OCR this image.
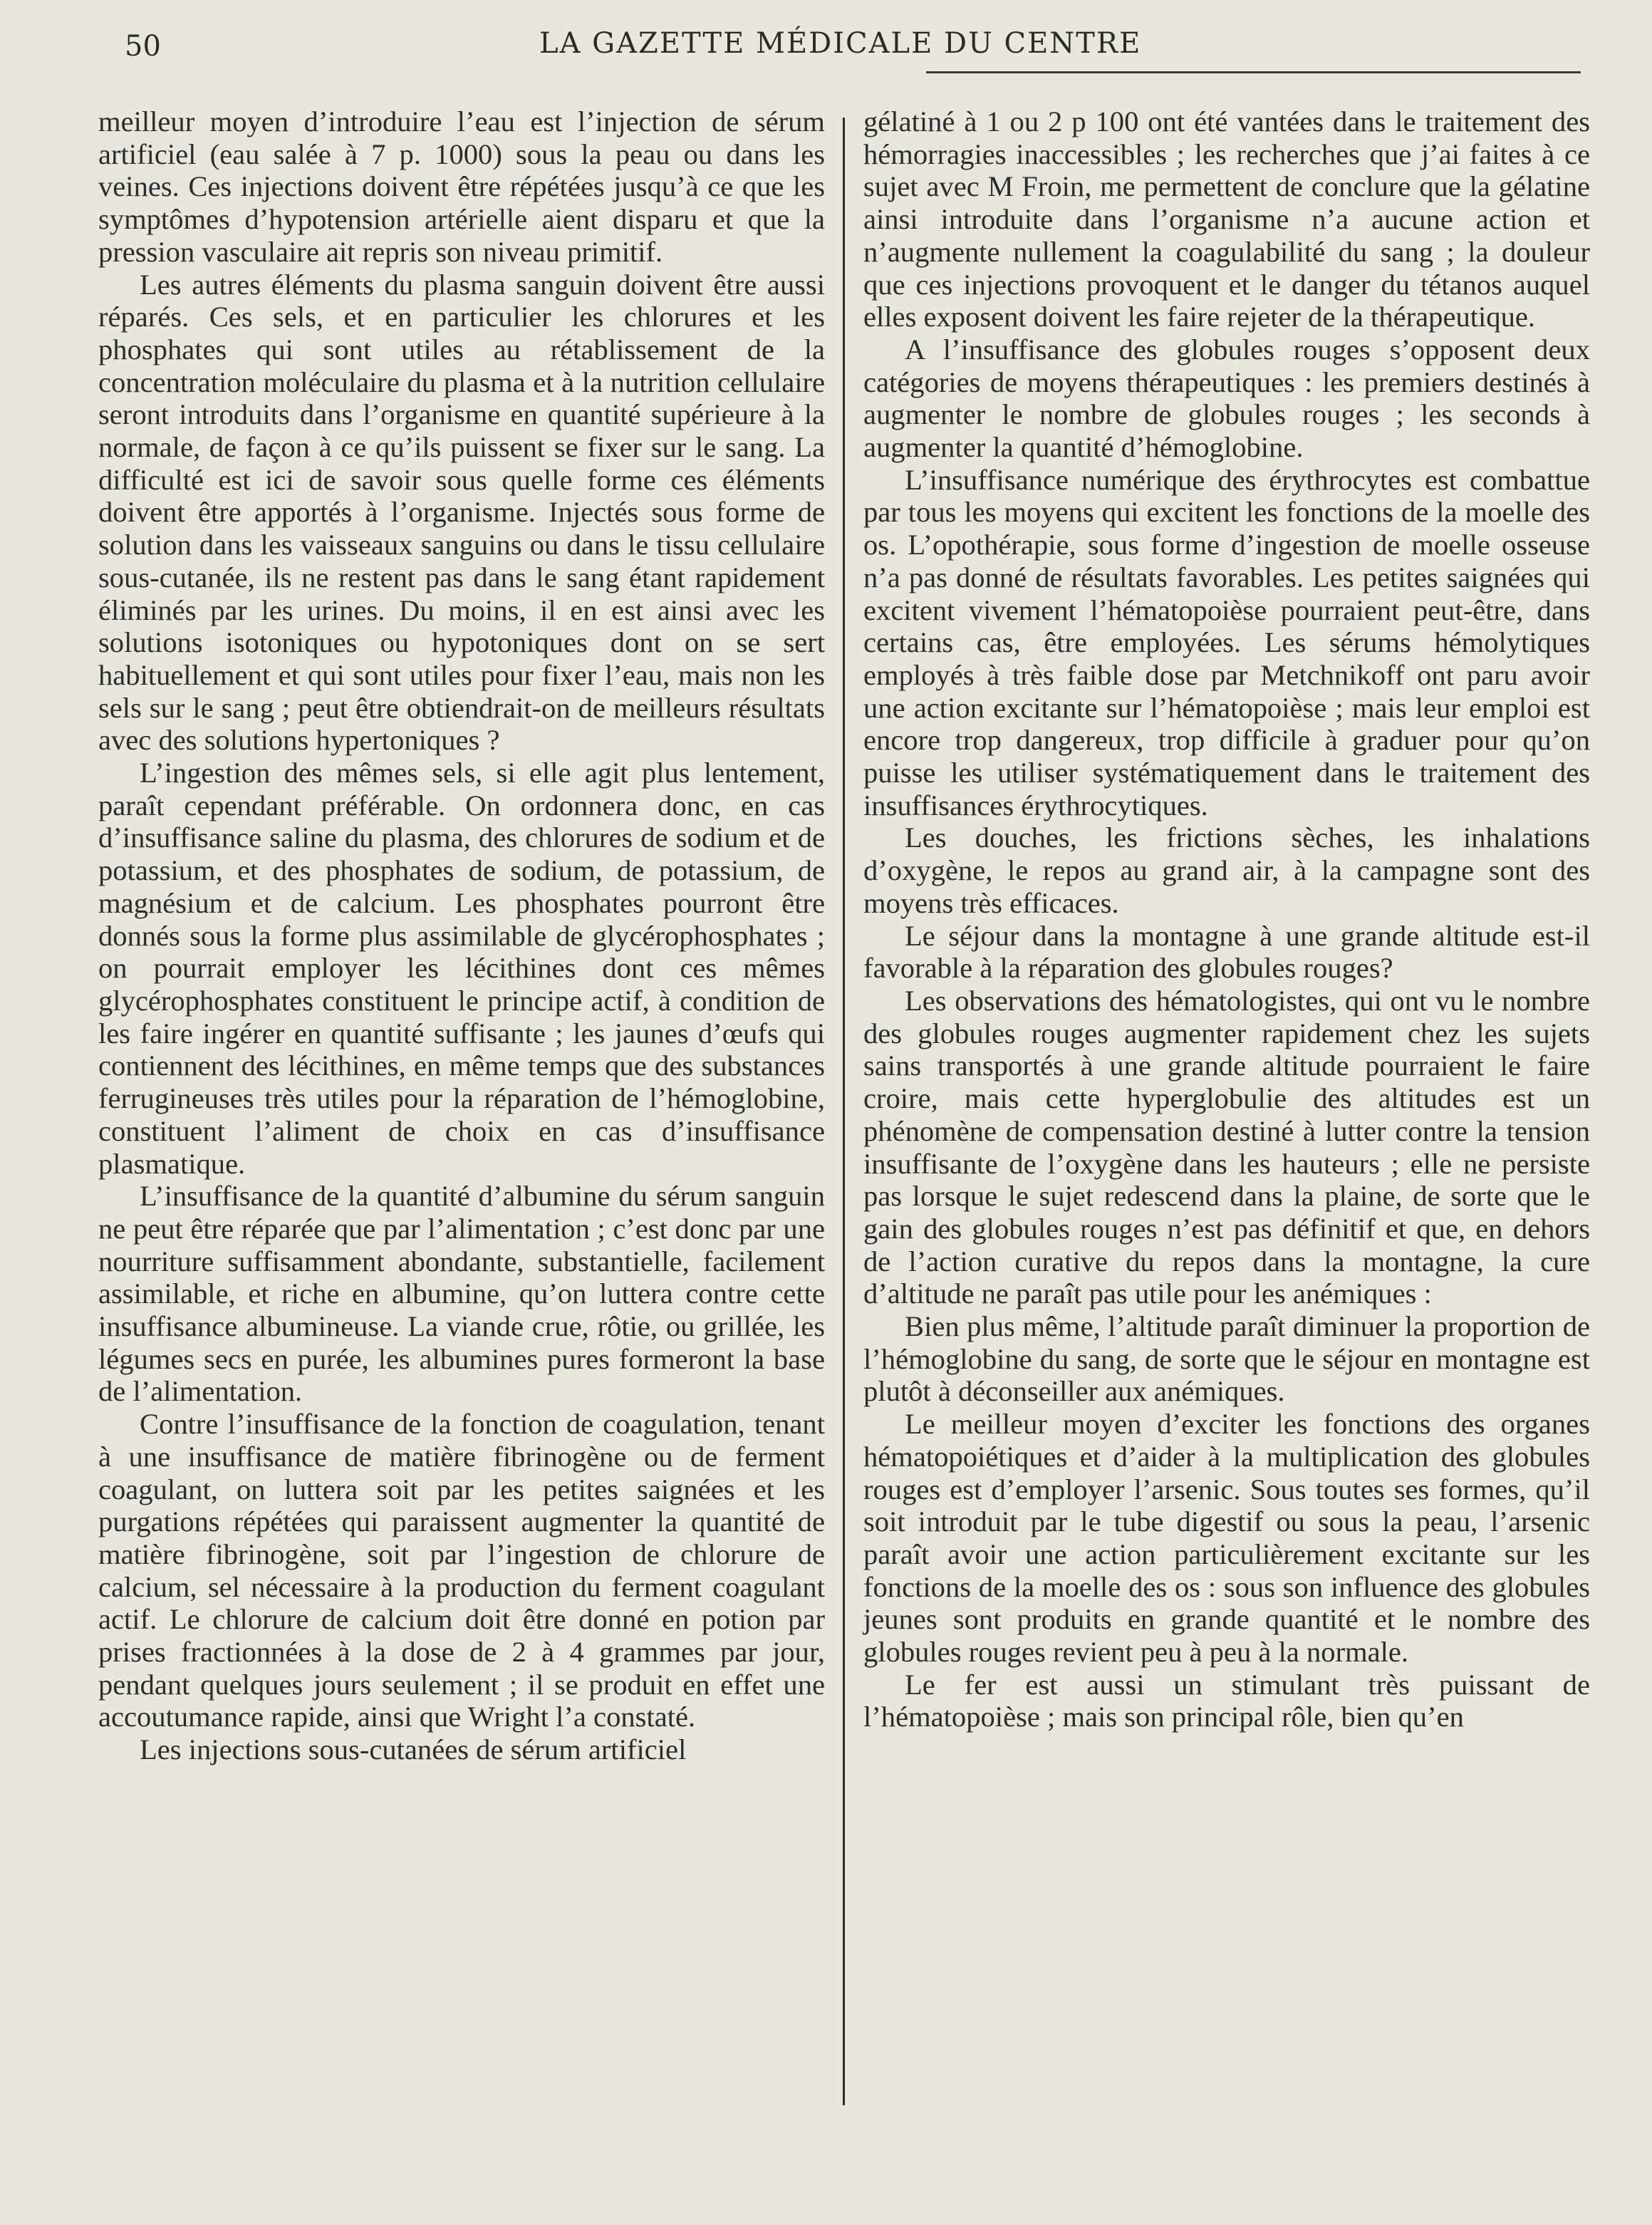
50	LA GAZETTE MÉDICALE DU CENTRE

meilleur moyen d’introduire l’eau est l’injection de sérum artificiel (eau salée à 7 p. 1000) sous la peau ou dans les veines. Ces injections doivent être répétées jusqu’à ce que les symptômes d’hypotension artérielle aient disparu et que la pression vasculaire ait repris son niveau primitif.

Les autres éléments du plasma sanguin doivent être aussi réparés. Ces sels, et en particulier les chlorures et les phosphates qui sont utiles au rétablissement de la concentration moléculaire du plasma et à la nutrition cellulaire seront introduits dans l’organisme en quantité supérieure à la normale, de façon à ce qu’ils puissent se fixer sur le sang. La difficulté est ici de savoir sous quelle forme ces éléments doivent être apportés à l’organisme. Injectés sous forme de solution dans les vaisseaux sanguins ou dans le tissu cellulaire sous-cutanée, ils ne restent pas dans le sang étant rapidement éliminés par les urines. Du moins, il en est ainsi avec les solutions isotoniques ou hypotoniques dont on se sert habituellement et qui sont utiles pour fixer l’eau, mais non les sels sur le sang ; peut être obtiendrait-on de meilleurs résultats avec des solutions hypertoniques ?

L’ingestion des mêmes sels, si elle agit plus lentement, paraît cependant préférable. On ordonnera donc, en cas d’insuffisance saline du plasma, des chlorures de sodium et de potassium, et des phosphates de sodium, de potassium, de magnésium et de calcium. Les phosphates pourront être donnés sous la forme plus assimilable de glycérophosphates ; on pourrait employer les lécithines dont ces mêmes glycérophosphates constituent le principe actif, à condition de les faire ingérer en quantité suffisante ; les jaunes d’œufs qui contiennent des lécithines, en même temps que des substances ferrugineuses très utiles pour la réparation de l’hémoglobine, constituent l’aliment de choix en cas d’insuffisance plasmatique.

L’insuffisance de la quantité d’albumine du sérum sanguin ne peut être réparée que par l’alimentation ; c’est donc par une nourriture suffisamment abondante, substantielle, facilement assimilable, et riche en albumine, qu’on luttera contre cette insuffisance albumineuse. La viande crue, rôtie, ou grillée, les légumes secs en purée, les albumines pures formeront la base de l’alimentation.

Contre l’insuffisance de la fonction de coagulation, tenant à une insuffisance de matière fibrinogène ou de ferment coagulant, on luttera soit par les petites saignées et les purgations répétées qui paraissent augmenter la quantité de matière fibrinogène, soit par l’ingestion de chlorure de calcium, sel nécessaire à la production du ferment coagulant actif. Le chlorure de calcium doit être donné en potion par prises fractionnées à la dose de 2 à 4 grammes par jour, pendant quelques jours seulement ; il se produit en effet une accoutumance rapide, ainsi que Wright l’a constaté.

Les injections sous-cutanées de sérum artificiel

gélatiné à 1 ou 2 p 100 ont été vantées dans le traitement des hémorragies inaccessibles ; les recherches que j’ai faites à ce sujet avec M Froin, me permettent de conclure que la gélatine ainsi introduite dans l’organisme n’a aucune action et n’augmente nullement la coagulabilité du sang ; la douleur que ces injections provoquent et le danger du tétanos auquel elles exposent doivent les faire rejeter de la thérapeutique.

A l’insuffisance des globules rouges s’opposent deux catégories de moyens thérapeutiques : les premiers destinés à augmenter le nombre de globules rouges ; les seconds à augmenter la quantité d’hémoglobine.

L’insuffisance numérique des érythrocytes est combattue par tous les moyens qui excitent les fonctions de la moelle des os. L’opothérapie, sous forme d’ingestion de moelle osseuse n’a pas donné de résultats favorables. Les petites saignées qui excitent vivement l’hématopoièse pourraient peut-être, dans certains cas, être employées. Les sérums hémolytiques employés à très faible dose par Metchnikoff ont paru avoir une action excitante sur l’hématopoièse ; mais leur emploi est encore trop dangereux, trop difficile à graduer pour qu’on puisse les utiliser systématiquement dans le traitement des insuffisances érythrocytiques.

Les douches, les frictions sèches, les inhalations d’oxygène, le repos au grand air, à la campagne sont des moyens très efficaces.

Le séjour dans la montagne à une grande altitude est-il favorable à la réparation des globules rouges?

Les observations des hématologistes, qui ont vu le nombre des globules rouges augmenter rapidement chez les sujets sains transportés à une grande altitude pourraient le faire croire, mais cette hyperglobulie des altitudes est un phénomène de compensation destiné à lutter contre la tension insuffisante de l’oxygène dans les hauteurs ; elle ne persiste pas lorsque le sujet redescend dans la plaine, de sorte que le gain des globules rouges n’est pas définitif et que, en dehors de l’action curative du repos dans la montagne, la cure d’altitude ne paraît pas utile pour les anémiques :

Bien plus même, l’altitude paraît diminuer la proportion de l’hémoglobine du sang, de sorte que le séjour en montagne est plutôt à déconseiller aux anémiques.

Le meilleur moyen d’exciter les fonctions des organes hématopoiétiques et d’aider à la multiplication des globules rouges est d’employer l’arsenic. Sous toutes ses formes, qu’il soit introduit par le tube digestif ou sous la peau, l’arsenic paraît avoir une action particulièrement excitante sur les fonctions de la moelle des os : sous son influence des globules jeunes sont produits en grande quantité et le nombre des globules rouges revient peu à peu à la normale.

Le fer est aussi un stimulant très puissant de l’hématopoièse ; mais son principal rôle, bien qu’en
